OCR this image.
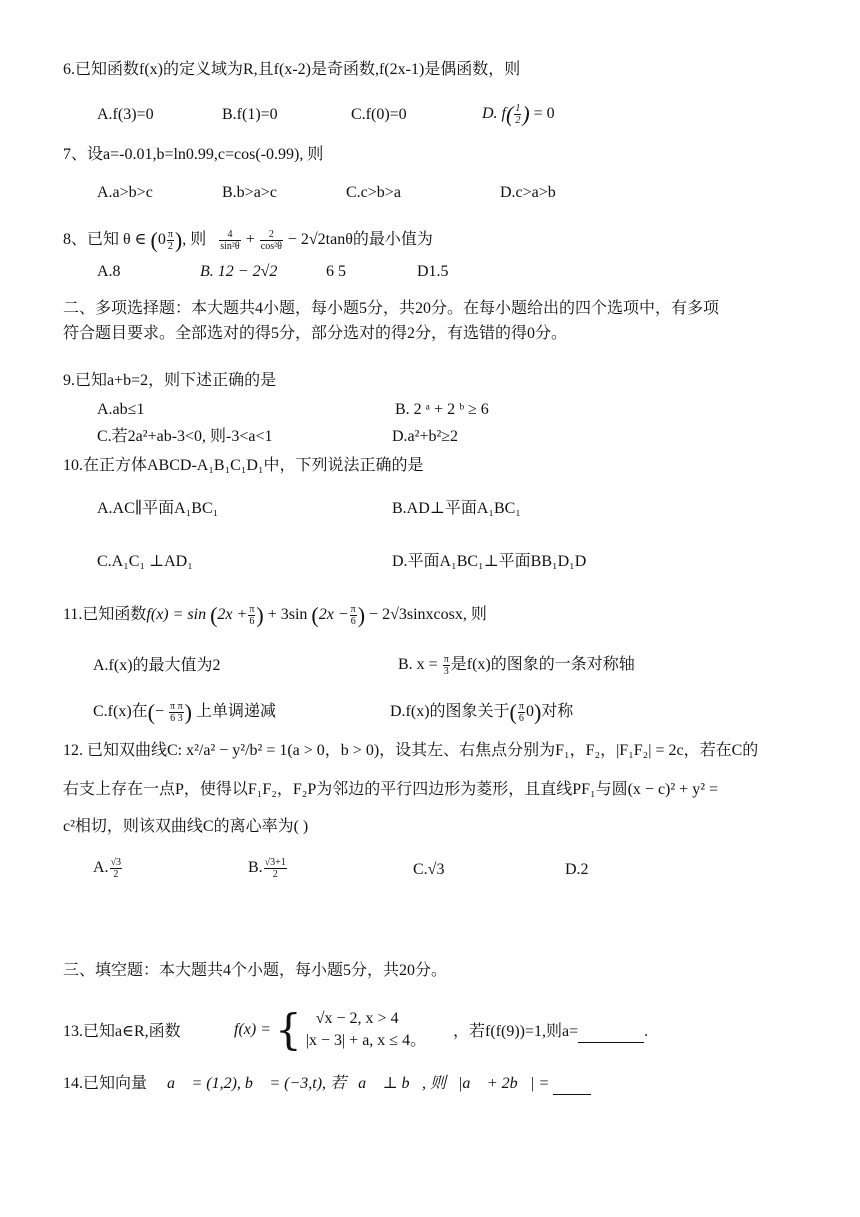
6.已知函数f(x)的定义域为R,且f(x-2)是奇函数,f(2x-1)是偶函数，则
A.f(3)=0	B.f(1)=0	C.f(0)=0	D. $f( \frac{1}{2}$ ) = 0
7、设a=-0.01,b=ln0.99,c=cos(-0.99), 则
A.a>b>c	B.b>a>c	C.c>b>a	D.c>a>b
8、已知 θ ∈ ($0 \frac{\pi}{2}$ ), 则 $\frac{4}{\text{sin²θ}} + \frac{2}{\text{cos²θ}} - 2√2\tan\theta$的最小值为
A.8	B. 12 − 2√2	6 5	D1.5
二、多项选择题：本大题共4小题，每小题5分，共20分。在每小题给出的四个选项中，有多项
符合题目要求。全部选对的得5分，部分选对的得2分，有选错的得0分。
9.已知a+b=2，则下述正确的是
A.ab≤1	B. 2 ᵃ + 2 ᵇ ≥ 6
C.若2a²+ab-3<0, 则-3<a<1	D.a²+b²≥2
10.在正方体ABCD-A₁B₁C₁D₁中，下列说法正确的是
A.AC∥平面A₁BC₁	B.AD⊥平面A₁BC₁
C.A₁C₁ ⊥AD₁	D.平面A₁BC₁⊥平面BB₁D₁D
11.已知函数$f(x) = \sin (2x + \frac{\pi}{6}$ ) + 3sin ($2x - \frac{\pi}{6}$ ) − 2√3sinxcosx, 则
A.f(x)的最大值为2	B. $x = \frac{\pi}{3}$ 是f(x)的图象的一条对称轴
C.f(x)在(− $\frac{\text{π π}}{6 3}$ ) 上单调递减	D.f(x)的图象关于( $\frac{\pi}{6} 0$)对称
12. 已知双曲线C: x²/a² − y²/b² = 1(a > 0，b > 0)，设其左、右焦点分别为F₁，F₂，|F₁F₂| = 2c，若在C的
右支上存在一点P，使得以F₁F₂，F₂P为邻边的平行四边形为菱形，且直线PF₁与圆(x − c)² + y² =
c²相切，则该双曲线C的离心率为( )
A. $\frac{√3}{2}$	B. $\frac{√3+1}{2}$	C.√3	D.2
三、填空题：本大题共4个小题，每小题5分，共20分。
13.已知a∈R,函数	f(x) = { √x − 2, x > 4
|x − 3| + a, x ≤ 4。
，若f(f(9))=1,则a=	.
14.已知向量 a⃗ = (1,2), b⃗ = (−3,t), 若 a⃗ ⊥ b⃗, 则 |a⃗ + 2b⃗| =
